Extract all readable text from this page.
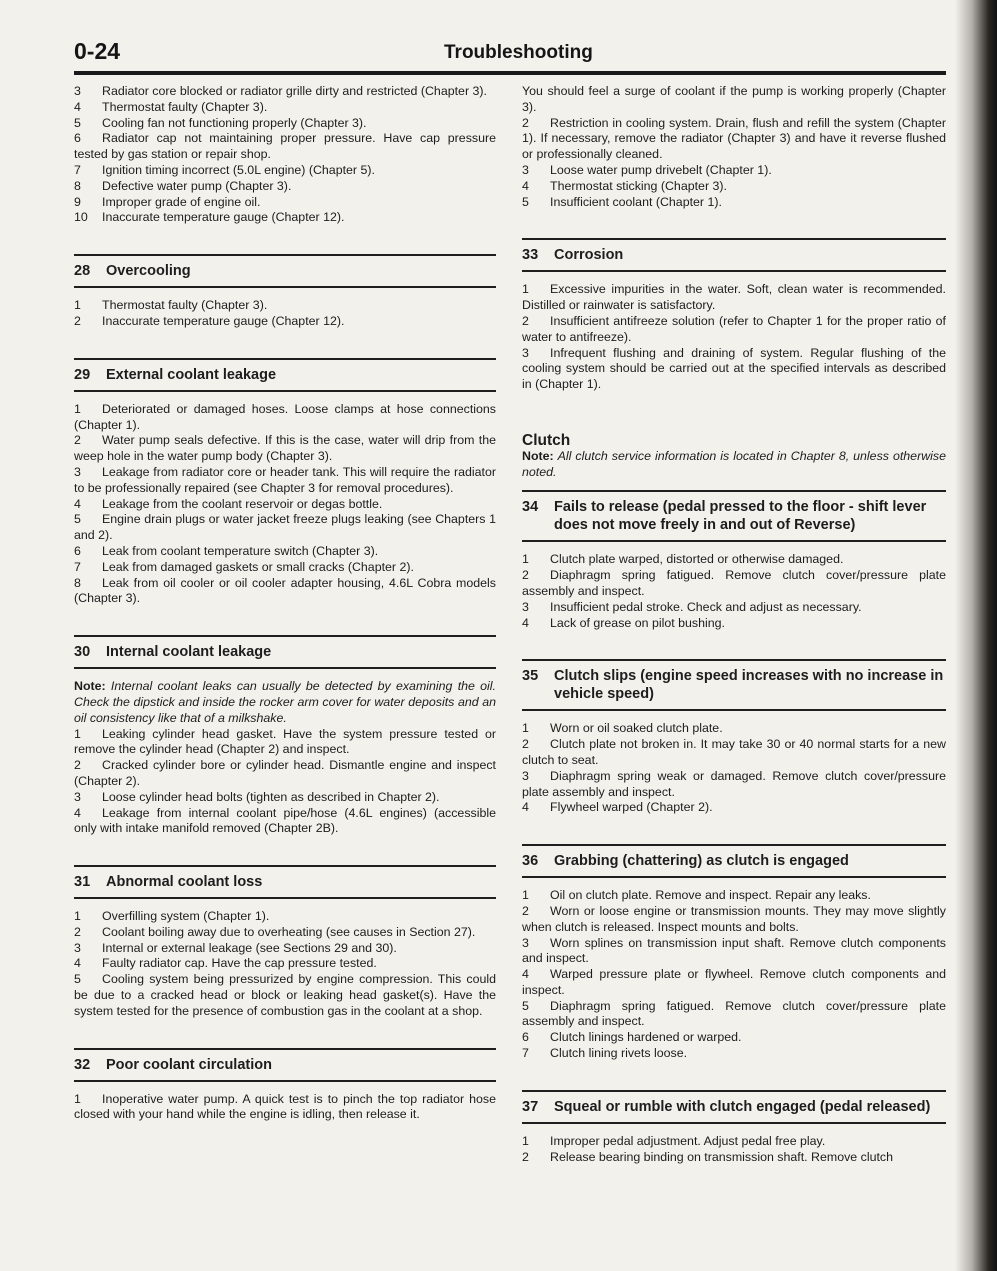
0-24	Troubleshooting

3 Radiator core blocked or radiator grille dirty and restricted (Chapter 3).

4 Thermostat faulty (Chapter 3).

5 Cooling fan not functioning properly (Chapter 3).

6 Radiator cap not maintaining proper pressure. Have cap pressure tested by gas station or repair shop.

7 Ignition timing incorrect (5.0L engine) (Chapter 5).

8 Defective water pump (Chapter 3).

9 Improper grade of engine oil.

10 Inaccurate temperature gauge (Chapter 12).

28 Overcooling

1 Thermostat faulty (Chapter 3).

2 Inaccurate temperature gauge (Chapter 12).

29 External coolant leakage

1 Deteriorated or damaged hoses. Loose clamps at hose connections (Chapter 1).

2 Water pump seals defective. If this is the case, water will drip from the weep hole in the water pump body (Chapter 3).

3 Leakage from radiator core or header tank. This will require the radiator to be professionally repaired (see Chapter 3 for removal procedures).

4 Leakage from the coolant reservoir or degas bottle.

5 Engine drain plugs or water jacket freeze plugs leaking (see Chapters 1 and 2).

6 Leak from coolant temperature switch (Chapter 3).

7 Leak from damaged gaskets or small cracks (Chapter 2).

8 Leak from oil cooler or oil cooler adapter housing, 4.6L Cobra models (Chapter 3).

30 Internal coolant leakage

Note: Internal coolant leaks can usually be detected by examining the oil. Check the dipstick and inside the rocker arm cover for water deposits and an oil consistency like that of a milkshake.

1 Leaking cylinder head gasket. Have the system pressure tested or remove the cylinder head (Chapter 2) and inspect.

2 Cracked cylinder bore or cylinder head. Dismantle engine and inspect (Chapter 2).

3 Loose cylinder head bolts (tighten as described in Chapter 2).

4 Leakage from internal coolant pipe/hose (4.6L engines) (accessible only with intake manifold removed (Chapter 2B).

31 Abnormal coolant loss

1 Overfilling system (Chapter 1).

2 Coolant boiling away due to overheating (see causes in Section 27).

3 Internal or external leakage (see Sections 29 and 30).

4 Faulty radiator cap. Have the cap pressure tested.

5 Cooling system being pressurized by engine compression. This could be due to a cracked head or block or leaking head gasket(s). Have the system tested for the presence of combustion gas in the coolant at a shop.

32 Poor coolant circulation

1 Inoperative water pump. A quick test is to pinch the top radiator hose closed with your hand while the engine is idling, then release it.

You should feel a surge of coolant if the pump is working properly (Chapter 3).

2 Restriction in cooling system. Drain, flush and refill the system (Chapter 1). If necessary, remove the radiator (Chapter 3) and have it reverse flushed or professionally cleaned.

3 Loose water pump drivebelt (Chapter 1).

4 Thermostat sticking (Chapter 3).

5 Insufficient coolant (Chapter 1).

33 Corrosion

1 Excessive impurities in the water. Soft, clean water is recommended. Distilled or rainwater is satisfactory.

2 Insufficient antifreeze solution (refer to Chapter 1 for the proper ratio of water to antifreeze).

3 Infrequent flushing and draining of system. Regular flushing of the cooling system should be carried out at the specified intervals as described in (Chapter 1).

Clutch

Note: All clutch service information is located in Chapter 8, unless otherwise noted.

34 Fails to release (pedal pressed to the floor - shift lever does not move freely in and out of Reverse)

1 Clutch plate warped, distorted or otherwise damaged.

2 Diaphragm spring fatigued. Remove clutch cover/pressure plate assembly and inspect.

3 Insufficient pedal stroke. Check and adjust as necessary.

4 Lack of grease on pilot bushing.

35 Clutch slips (engine speed increases with no increase in vehicle speed)

1 Worn or oil soaked clutch plate.

2 Clutch plate not broken in. It may take 30 or 40 normal starts for a new clutch to seat.

3 Diaphragm spring weak or damaged. Remove clutch cover/pressure plate assembly and inspect.

4 Flywheel warped (Chapter 2).

36 Grabbing (chattering) as clutch is engaged

1 Oil on clutch plate. Remove and inspect. Repair any leaks.

2 Worn or loose engine or transmission mounts. They may move slightly when clutch is released. Inspect mounts and bolts.

3 Worn splines on transmission input shaft. Remove clutch components and inspect.

4 Warped pressure plate or flywheel. Remove clutch components and inspect.

5 Diaphragm spring fatigued. Remove clutch cover/pressure plate assembly and inspect.

6 Clutch linings hardened or warped.

7 Clutch lining rivets loose.

37 Squeal or rumble with clutch engaged (pedal released)

1 Improper pedal adjustment. Adjust pedal free play.

2 Release bearing binding on transmission shaft. Remove clutch
